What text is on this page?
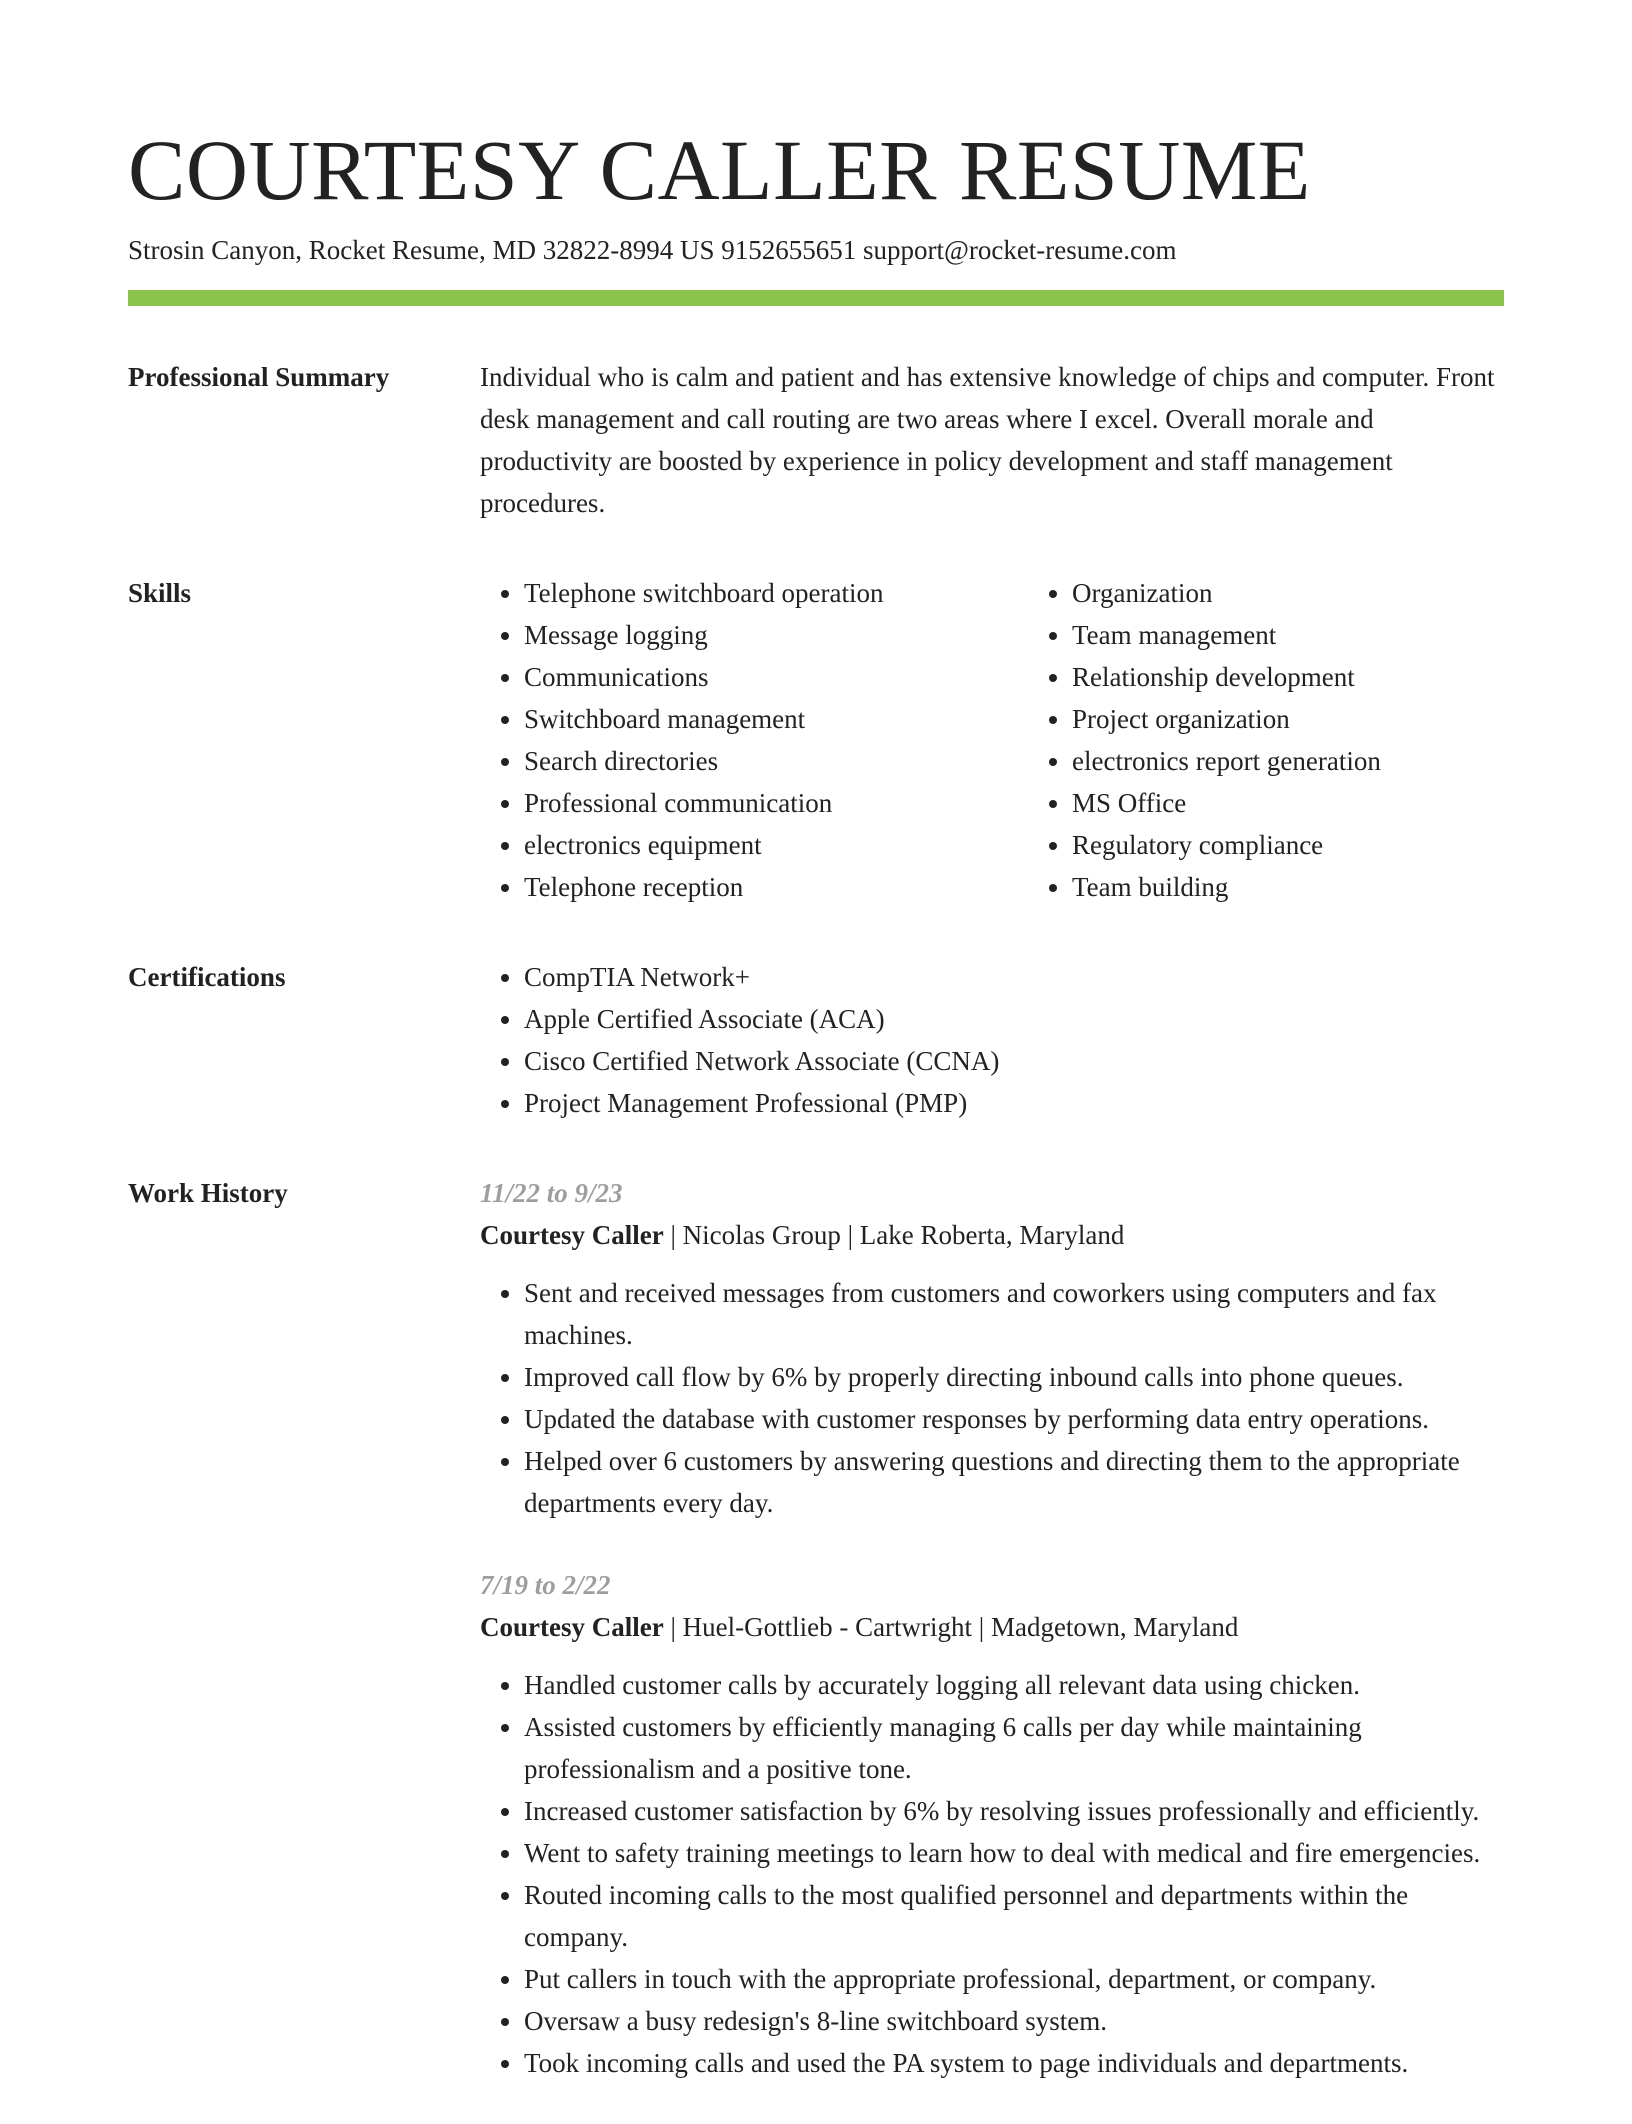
COURTESY CALLER RESUME
Strosin Canyon, Rocket Resume, MD 32822-8994 US 9152655651 support@rocket-resume.com
Professional Summary	Individual who is calm and patient and has extensive knowledge of chips and computer. Front desk management and call routing are two areas where I excel. Overall morale and productivity are boosted by experience in policy development and staff management procedures.

Skills	• Telephone switchboard operation
• Message logging
• Communications
• Switchboard management
• Search directories
• Professional communication
• electronics equipment
• Telephone reception
• Organization
• Team management
• Relationship development
• Project organization
• electronics report generation
• MS Office
• Regulatory compliance
• Team building
Certifications	• CompTIA Network+
• Apple Certified Associate (ACA)
• Cisco Certified Network Associate (CCNA)
• Project Management Professional (PMP)
Work History	11/22 to 9/23
Courtesy Caller | Nicolas Group | Lake Roberta, Maryland
• Sent and received messages from customers and coworkers using computers and fax machines.
• Improved call flow by 6% by properly directing inbound calls into phone queues.
• Updated the database with customer responses by performing data entry operations.
• Helped over 6 customers by answering questions and directing them to the appropriate departments every day.
7/19 to 2/22
Courtesy Caller | Huel-Gottlieb - Cartwright | Madgetown, Maryland
• Handled customer calls by accurately logging all relevant data using chicken.
• Assisted customers by efficiently managing 6 calls per day while maintaining professionalism and a positive tone.
• Increased customer satisfaction by 6% by resolving issues professionally and efficiently.
• Went to safety training meetings to learn how to deal with medical and fire emergencies.
• Routed incoming calls to the most qualified personnel and departments within the company.
• Put callers in touch with the appropriate professional, department, or company.
• Oversaw a busy redesign's 8-line switchboard system.
• Took incoming calls and used the PA system to page individuals and departments.
